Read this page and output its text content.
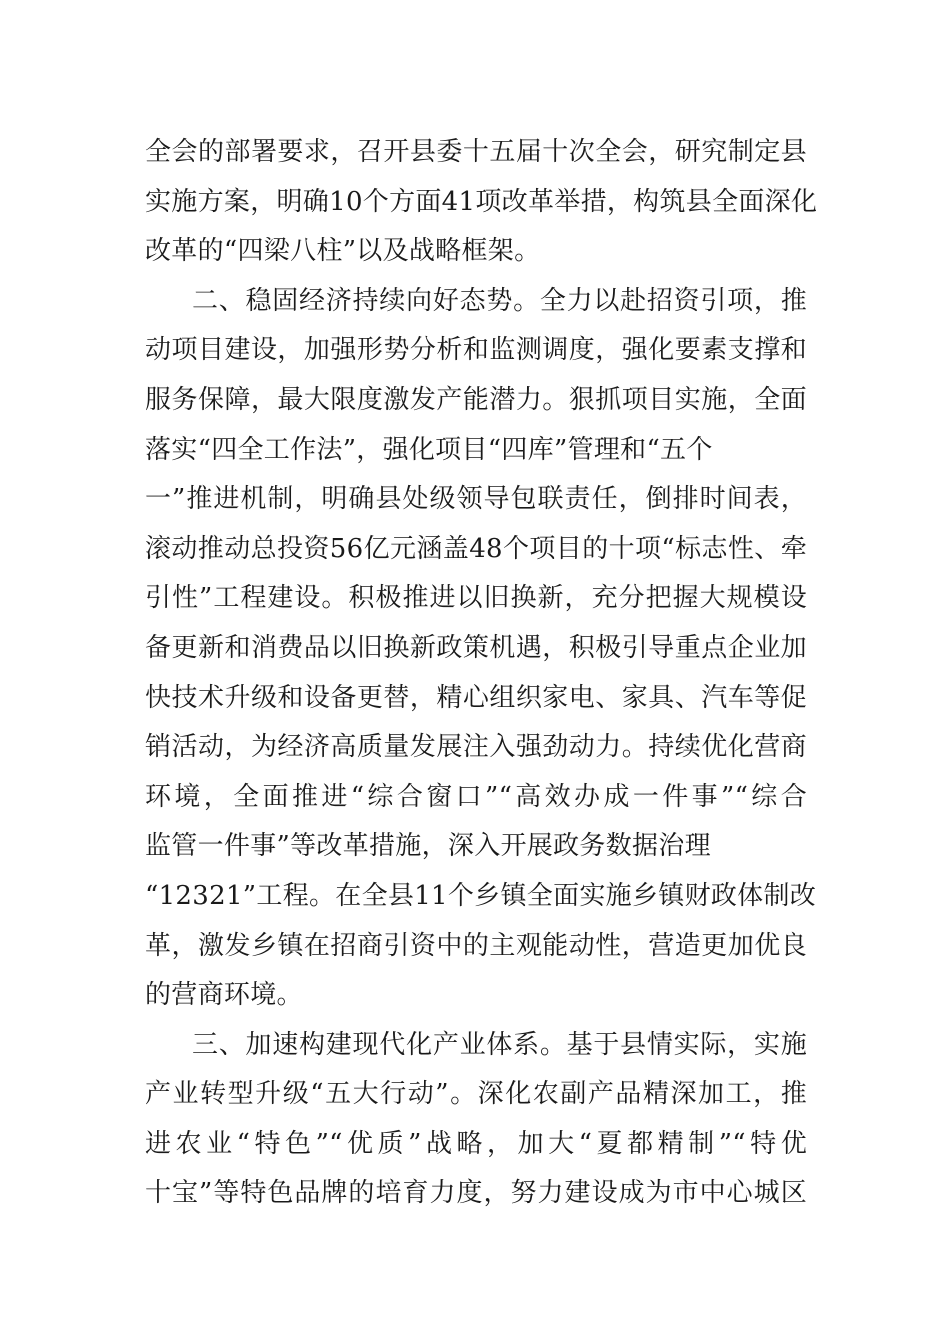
全会的部署要求，召开县委十五届十次全会，研究制定县
实施方案，明确10个方面41项改革举措，构筑县全面深化
改革的“四梁八柱”以及战略框架。
二、稳固经济持续向好态势。全力以赴招资引项，推
动项目建设，加强形势分析和监测调度，强化要素支撑和
服务保障，最大限度激发产能潜力。狠抓项目实施，全面
落实“四全工作法”，强化项目“四库”管理和“五个
一”推进机制，明确县处级领导包联责任，倒排时间表，
滚动推动总投资56亿元涵盖48个项目的十项“标志性、牵
引性”工程建设。积极推进以旧换新，充分把握大规模设
备更新和消费品以旧换新政策机遇，积极引导重点企业加
快技术升级和设备更替，精心组织家电、家具、汽车等促
销活动，为经济高质量发展注入强劲动力。持续优化营商
环境，全面推进“综合窗口”“高效办成一件事”“综合
监管一件事”等改革措施，深入开展政务数据治理
“12321”工程。在全县11个乡镇全面实施乡镇财政体制改
革，激发乡镇在招商引资中的主观能动性，营造更加优良
的营商环境。
三、加速构建现代化产业体系。基于县情实际，实施
产业转型升级“五大行动”。深化农副产品精深加工，推
进农业“特色”“优质”战略，加大“夏都精制”“特优
十宝”等特色品牌的培育力度，努力建设成为市中心城区
